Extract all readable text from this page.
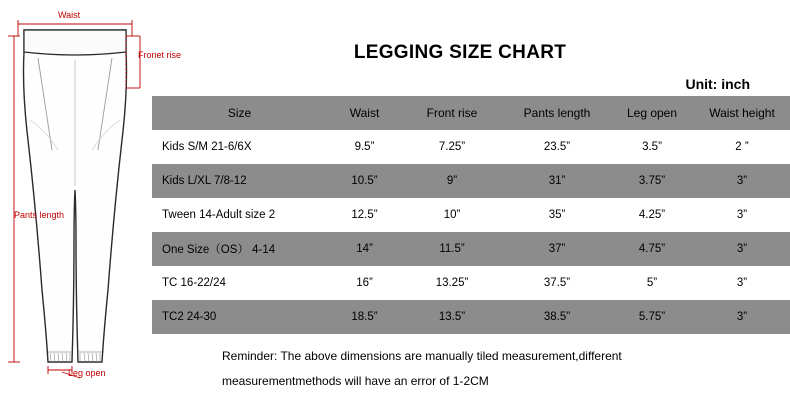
Waist
Fronet rise
Pants length
Leg open
LEGGING SIZE CHART
Unit: inch
Size	Waist	Front rise	Pants length	Leg open	Waist height
Kids S/M 21-6/6X	9.5”	7.25”	23.5”	3.5”	2 ”
Kids L/XL 7/8-12	10.5”	9”	31”	3.75”	3”
Tween 14-Adult size 2	12.5”	10”	35”	4.25”	3”
One Size（OS） 4-14	14”	11.5”	37”	4.75”	3”
TC 16-22/24	16”	13.25”	37.5”	5”	3”
TC2 24-30	18.5”	13.5”	38.5”	5.75”	3”
Reminder: The above dimensions are manually tiled measurement,different
measurementmethods will have an error of 1-2CM
